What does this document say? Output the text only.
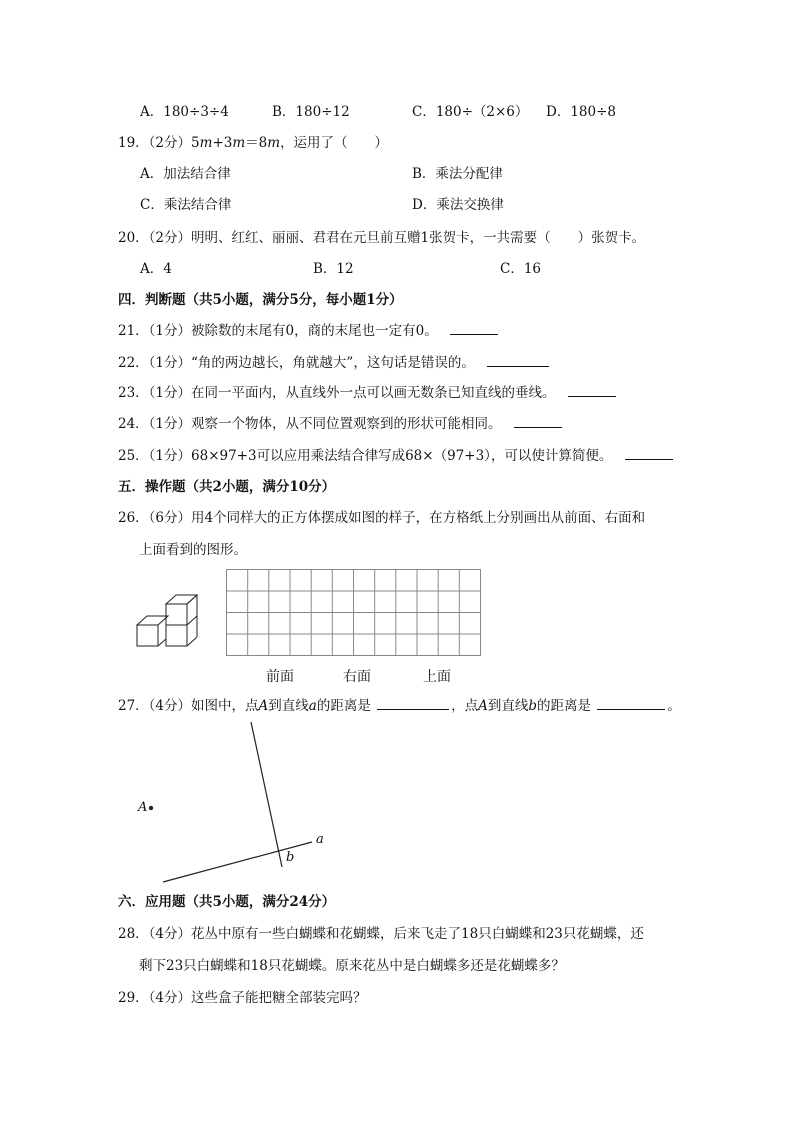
A．180÷3÷4	B．180÷12	C．180÷（2×6） D．180÷8
19．（2分）5m+3m＝8m，运用了（　　）
A．加法结合律	B．乘法分配律
C．乘法结合律	D．乘法交换律
20．（2分）明明、红红、丽丽、君君在元旦前互赠1张贺卡，一共需要（　　）张贺卡。
A．4	B．12	C．16
四．判断题（共5小题，满分5分，每小题1分）
21．（1分）被除数的末尾有0，商的末尾也一定有0。
22．（1分）“角的两边越长，角就越大”，这句话是错误的。
23．（1分）在同一平面内，从直线外一点可以画无数条已知直线的垂线。
24．（1分）观察一个物体，从不同位置观察到的形状可能相同。
25．（1分）68×97+3可以应用乘法结合律写成68×（97+3），可以使计算简便。
五．操作题（共2小题，满分10分）
26．（6分）用4个同样大的正方体摆成如图的样子，在方格纸上分别画出从前面、右面和
上面看到的图形。
前面	右面	上面
27．（4分）如图中，点A到直线a的距离是	，点A到直线b的距离是	。
A
a
b
六．应用题（共5小题，满分24分）
28．（4分）花丛中原有一些白蝴蝶和花蝴蝶，后来飞走了18只白蝴蝶和23只花蝴蝶，还
剩下23只白蝴蝶和18只花蝴蝶。原来花丛中是白蝴蝶多还是花蝴蝶多？
29．（4分）这些盒子能把糖全部装完吗？
